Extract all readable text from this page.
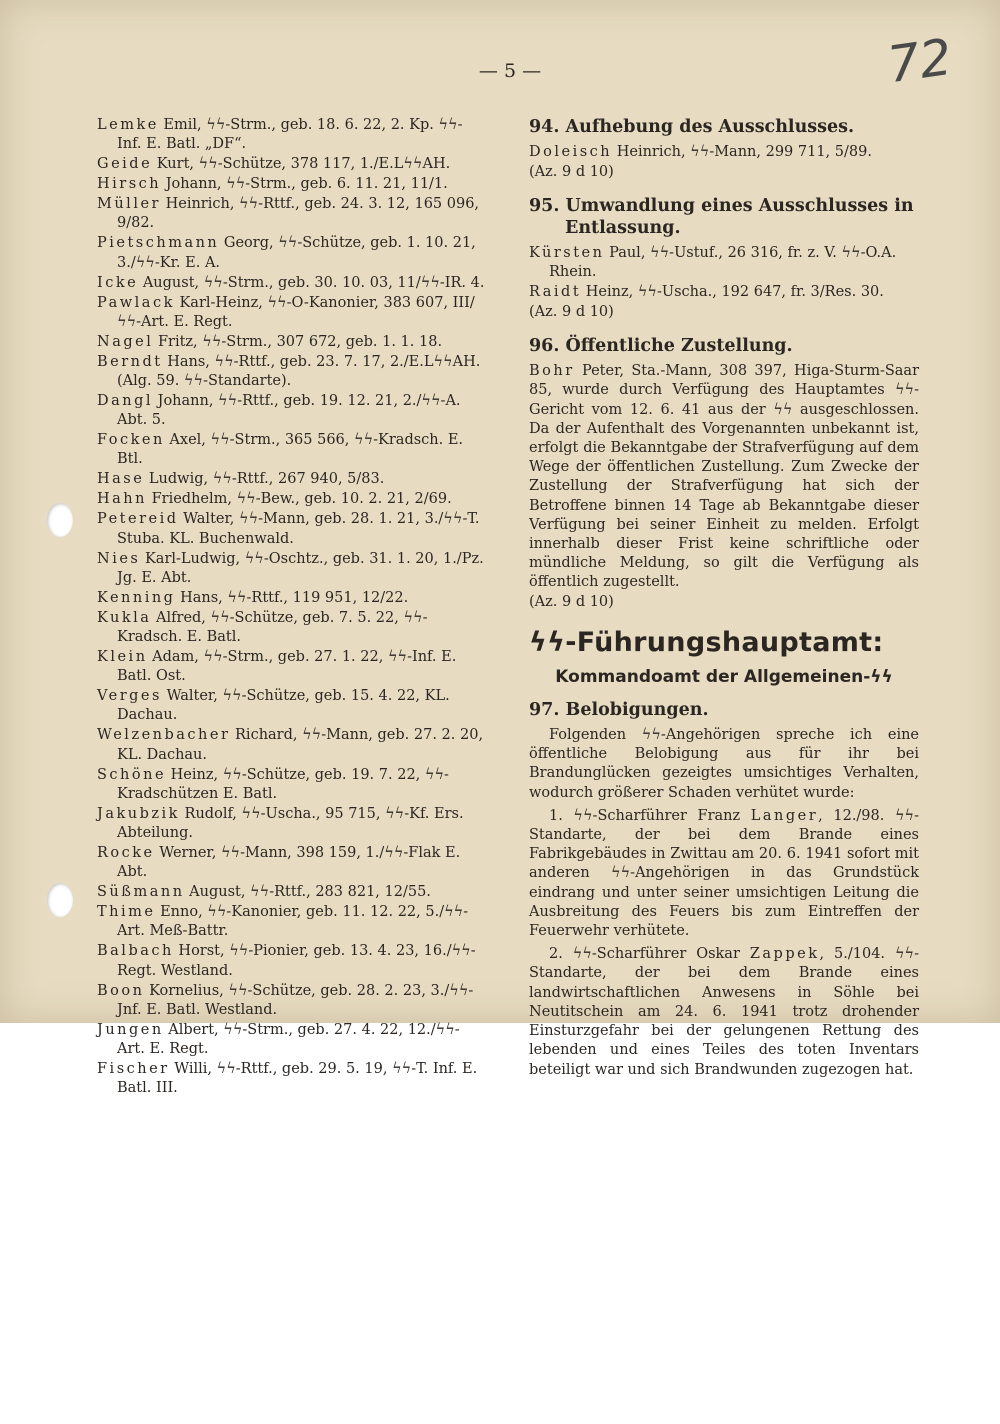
— 5 —	72

Lemke Emil, ϟϟ-Strm., geb. 18. 6. 22, 2. Kp. ϟϟ-Inf. E. Batl. „DF“.

Geide Kurt, ϟϟ-Schütze, 378 117, 1./E.LϟϟAH.

Hirsch Johann, ϟϟ-Strm., geb. 6. 11. 21, 11/1.

Müller Heinrich, ϟϟ-Rttf., geb. 24. 3. 12, 165 096, 9/82.

Pietschmann Georg, ϟϟ-Schütze, geb. 1. 10. 21, 3./ϟϟ-Kr. E. A.

Icke August, ϟϟ-Strm., geb. 30. 10. 03, 11/ϟϟ-IR. 4.

Pawlack Karl-Heinz, ϟϟ-O-Kanonier, 383 607, III/ϟϟ-Art. E. Regt.

Nagel Fritz, ϟϟ-Strm., 307 672, geb. 1. 1. 18.

Berndt Hans, ϟϟ-Rttf., geb. 23. 7. 17, 2./E.LϟϟAH. (Alg. 59. ϟϟ-Standarte).

Dangl Johann, ϟϟ-Rttf., geb. 19. 12. 21, 2./ϟϟ-A. Abt. 5.

Focken Axel, ϟϟ-Strm., 365 566, ϟϟ-Kradsch. E. Btl.

Hase Ludwig, ϟϟ-Rttf., 267 940, 5/83.

Hahn Friedhelm, ϟϟ-Bew., geb. 10. 2. 21, 2/69.

Petereid Walter, ϟϟ-Mann, geb. 28. 1. 21, 3./ϟϟ-T. Stuba. KL. Buchenwald.

Nies Karl-Ludwig, ϟϟ-Oschtz., geb. 31. 1. 20, 1./Pz. Jg. E. Abt.

Kenning Hans, ϟϟ-Rttf., 119 951, 12/22.

Kukla Alfred, ϟϟ-Schütze, geb. 7. 5. 22, ϟϟ-Kradsch. E. Batl.

Klein Adam, ϟϟ-Strm., geb. 27. 1. 22, ϟϟ-Inf. E. Batl. Ost.

Verges Walter, ϟϟ-Schütze, geb. 15. 4. 22, KL. Dachau.

Welzenbacher Richard, ϟϟ-Mann, geb. 27. 2. 20, KL. Dachau.

Schöne Heinz, ϟϟ-Schütze, geb. 19. 7. 22, ϟϟ-Kradschützen E. Batl.

Jakubzik Rudolf, ϟϟ-Uscha., 95 715, ϟϟ-Kf. Ers. Abteilung.

Rocke Werner, ϟϟ-Mann, 398 159, 1./ϟϟ-Flak E. Abt.

Süßmann August, ϟϟ-Rttf., 283 821, 12/55.

Thime Enno, ϟϟ-Kanonier, geb. 11. 12. 22, 5./ϟϟ-Art. Meß-Battr.

Balbach Horst, ϟϟ-Pionier, geb. 13. 4. 23, 16./ϟϟ-Regt. Westland.

Boon Kornelius, ϟϟ-Schütze, geb. 28. 2. 23, 3./ϟϟ-Jnf. E. Batl. Westland.

Jungen Albert, ϟϟ-Strm., geb. 27. 4. 22, 12./ϟϟ-Art. E. Regt.

Fischer Willi, ϟϟ-Rttf., geb. 29. 5. 19, ϟϟ-T. Inf. E. Batl. III.

94. Aufhebung des Ausschlusses.

Doleisch Heinrich, ϟϟ-Mann, 299 711, 5/89.

(Az. 9 d 10)

95. Umwandlung eines Ausschlusses in Entlassung.

Kürsten Paul, ϟϟ-Ustuf., 26 316, fr. z. V. ϟϟ-O.A. Rhein.

Raidt Heinz, ϟϟ-Uscha., 192 647, fr. 3/Res. 30.

(Az. 9 d 10)

96. Öffentliche Zustellung.

Bohr Peter, Sta.-Mann, 308 397, Higa-Sturm-Saar 85, wurde durch Verfügung des Hauptamtes ϟϟ-Gericht vom 12. 6. 41 aus der ϟϟ ausgeschlossen. Da der Aufenthalt des Vorgenannten unbekannt ist, erfolgt die Bekanntgabe der Strafverfügung auf dem Wege der öffentlichen Zustellung. Zum Zwecke der Zustellung der Strafverfügung hat sich der Betroffene binnen 14 Tage ab Bekanntgabe dieser Verfügung bei seiner Einheit zu melden. Erfolgt innerhalb dieser Frist keine schriftliche oder mündliche Meldung, so gilt die Verfügung als öffentlich zugestellt.

(Az. 9 d 10)

ϟϟ-Führungshauptamt:
Kommandoamt der Allgemeinen-ϟϟ

97. Belobigungen.

Folgenden ϟϟ-Angehörigen spreche ich eine öffentliche Belobigung aus für ihr bei Brandunglücken gezeigtes umsichtiges Verhalten, wodurch größerer Schaden verhütet wurde:

1. ϟϟ-Scharführer Franz Langer, 12./98. ϟϟ-Standarte, der bei dem Brande eines Fabrikgebäudes in Zwittau am 20. 6. 1941 sofort mit anderen ϟϟ-Angehörigen in das Grundstück eindrang und unter seiner umsichtigen Leitung die Ausbreitung des Feuers bis zum Eintreffen der Feuerwehr verhütete.

2. ϟϟ-Scharführer Oskar Zappek, 5./104. ϟϟ-Standarte, der bei dem Brande eines landwirtschaftlichen Anwesens in Söhle bei Neutitschein am 24. 6. 1941 trotz drohender Einsturzgefahr bei der gelungenen Rettung des lebenden und eines Teiles des toten Inventars beteiligt war und sich Brandwunden zugezogen hat.
